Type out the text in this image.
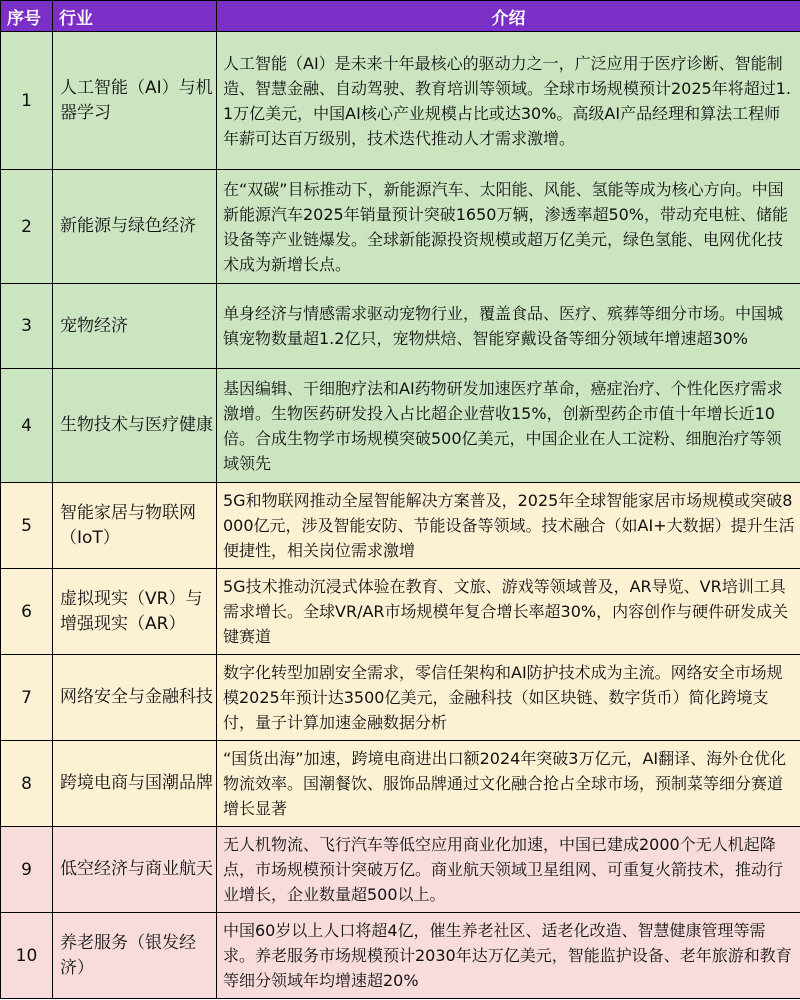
序号	行业	介绍
1	人工智能（AI）与机器学习	人工智能（AI）是未来十年最核心的驱动力之一，广泛应用于医疗诊断、智能制造、智慧金融、自动驾驶、教育培训等领域。全球市场规模预计2025年将超过1.1万亿美元，中国AI核心产业规模占比或达30%。高级AI产品经理和算法工程师年薪可达百万级别，技术迭代推动人才需求激增。
2	新能源与绿色经济	在“双碳”目标推动下，新能源汽车、太阳能、风能、氢能等成为核心方向。中国新能源汽车2025年销量预计突破1650万辆，渗透率超50%，带动充电桩、储能设备等产业链爆发。全球新能源投资规模或超万亿美元，绿色氢能、电网优化技术成为新增长点。
3	宠物经济	单身经济与情感需求驱动宠物行业，覆盖食品、医疗、殡葬等细分市场。中国城镇宠物数量超1.2亿只，宠物烘焙、智能穿戴设备等细分领域年增速超30%
4	生物技术与医疗健康	基因编辑、干细胞疗法和AI药物研发加速医疗革命，癌症治疗、个性化医疗需求激增。生物医药研发投入占比超企业营收15%，创新型药企市值十年增长近10倍。合成生物学市场规模突破500亿美元，中国企业在人工淀粉、细胞治疗等领域领先
5	智能家居与物联网（IoT）	5G和物联网推动全屋智能解决方案普及，2025年全球智能家居市场规模或突破8000亿元，涉及智能安防、节能设备等领域。技术融合（如AI+大数据）提升生活便捷性，相关岗位需求激增
6	虚拟现实（VR）与增强现实（AR）	5G技术推动沉浸式体验在教育、文旅、游戏等领域普及，AR导览、VR培训工具需求增长。全球VR/AR市场规模年复合增长率超30%，内容创作与硬件研发成关键赛道
7	网络安全与金融科技	数字化转型加剧安全需求，零信任架构和AI防护技术成为主流。网络安全市场规模2025年预计达3500亿美元，金融科技（如区块链、数字货币）简化跨境支付，量子计算加速金融数据分析
8	跨境电商与国潮品牌	“国货出海”加速，跨境电商进出口额2024年突破3万亿元，AI翻译、海外仓优化物流效率。国潮餐饮、服饰品牌通过文化融合抢占全球市场，预制菜等细分赛道增长显著
9	低空经济与商业航天	无人机物流、飞行汽车等低空应用商业化加速，中国已建成2000个无人机起降点，市场规模预计突破万亿。商业航天领域卫星组网、可重复火箭技术，推动行业增长，企业数量超500以上。
10	养老服务（银发经济）	中国60岁以上人口将超4亿，催生养老社区、适老化改造、智慧健康管理等需求。养老服务市场规模预计2030年达万亿美元，智能监护设备、老年旅游和教育等细分领域年均增速超20%
